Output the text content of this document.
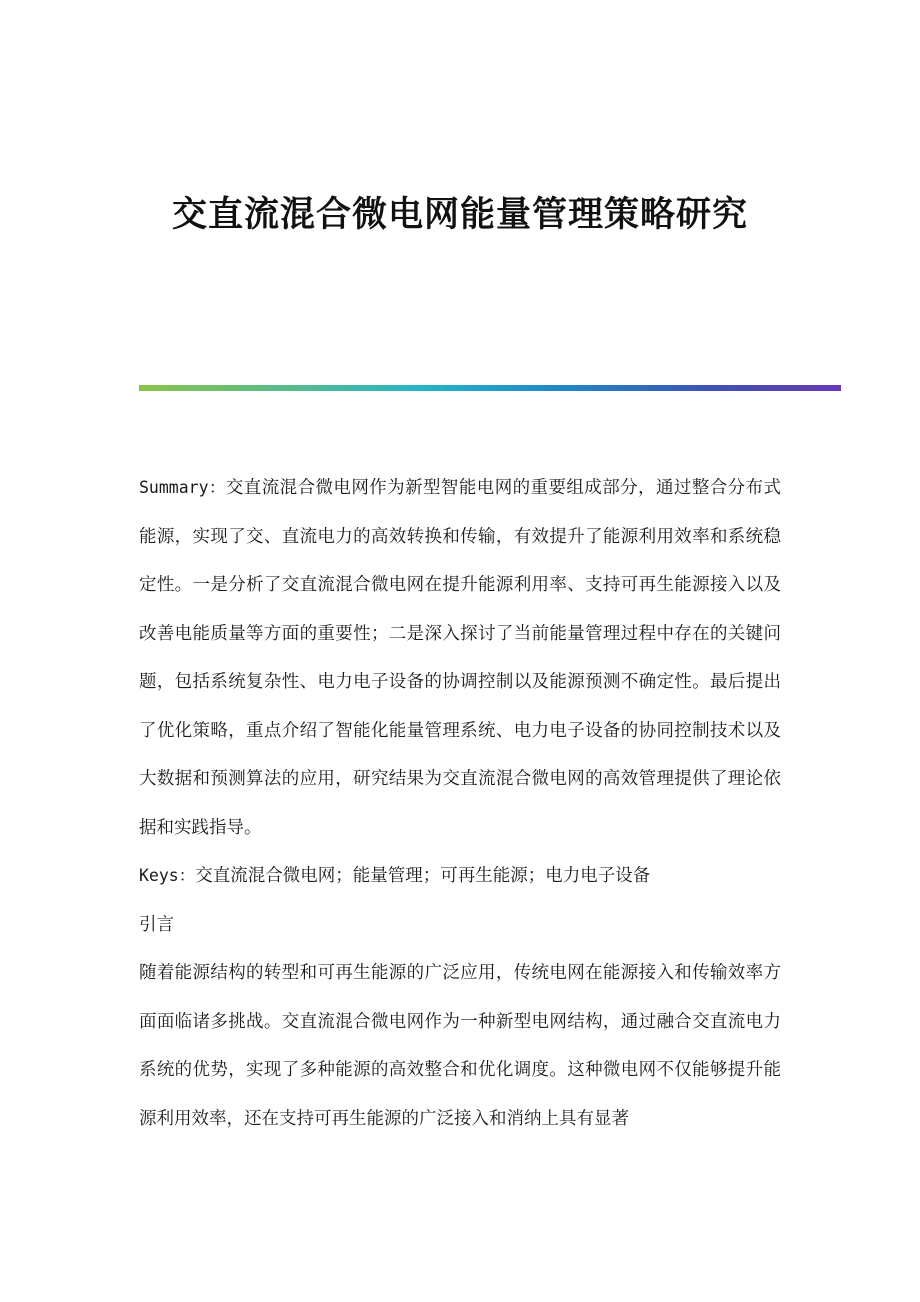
交直流混合微电网能量管理策略研究

Summary：交直流混合微电网作为新型智能电网的重要组成部分，通过整合分布式能源，实现了交、直流电力的高效转换和传输，有效提升了能源利用效率和系统稳定性。一是分析了交直流混合微电网在提升能源利用率、支持可再生能源接入以及改善电能质量等方面的重要性；二是深入探讨了当前能量管理过程中存在的关键问题，包括系统复杂性、电力电子设备的协调控制以及能源预测不确定性。最后提出了优化策略，重点介绍了智能化能量管理系统、电力电子设备的协同控制技术以及大数据和预测算法的应用，研究结果为交直流混合微电网的高效管理提供了理论依据和实践指导。

Keys：交直流混合微电网；能量管理；可再生能源；电力电子设备

引言

随着能源结构的转型和可再生能源的广泛应用，传统电网在能源接入和传输效率方面面临诸多挑战。交直流混合微电网作为一种新型电网结构，通过融合交直流电力系统的优势，实现了多种能源的高效整合和优化调度。这种微电网不仅能够提升能源利用效率，还在支持可再生能源的广泛接入和消纳上具有显著
